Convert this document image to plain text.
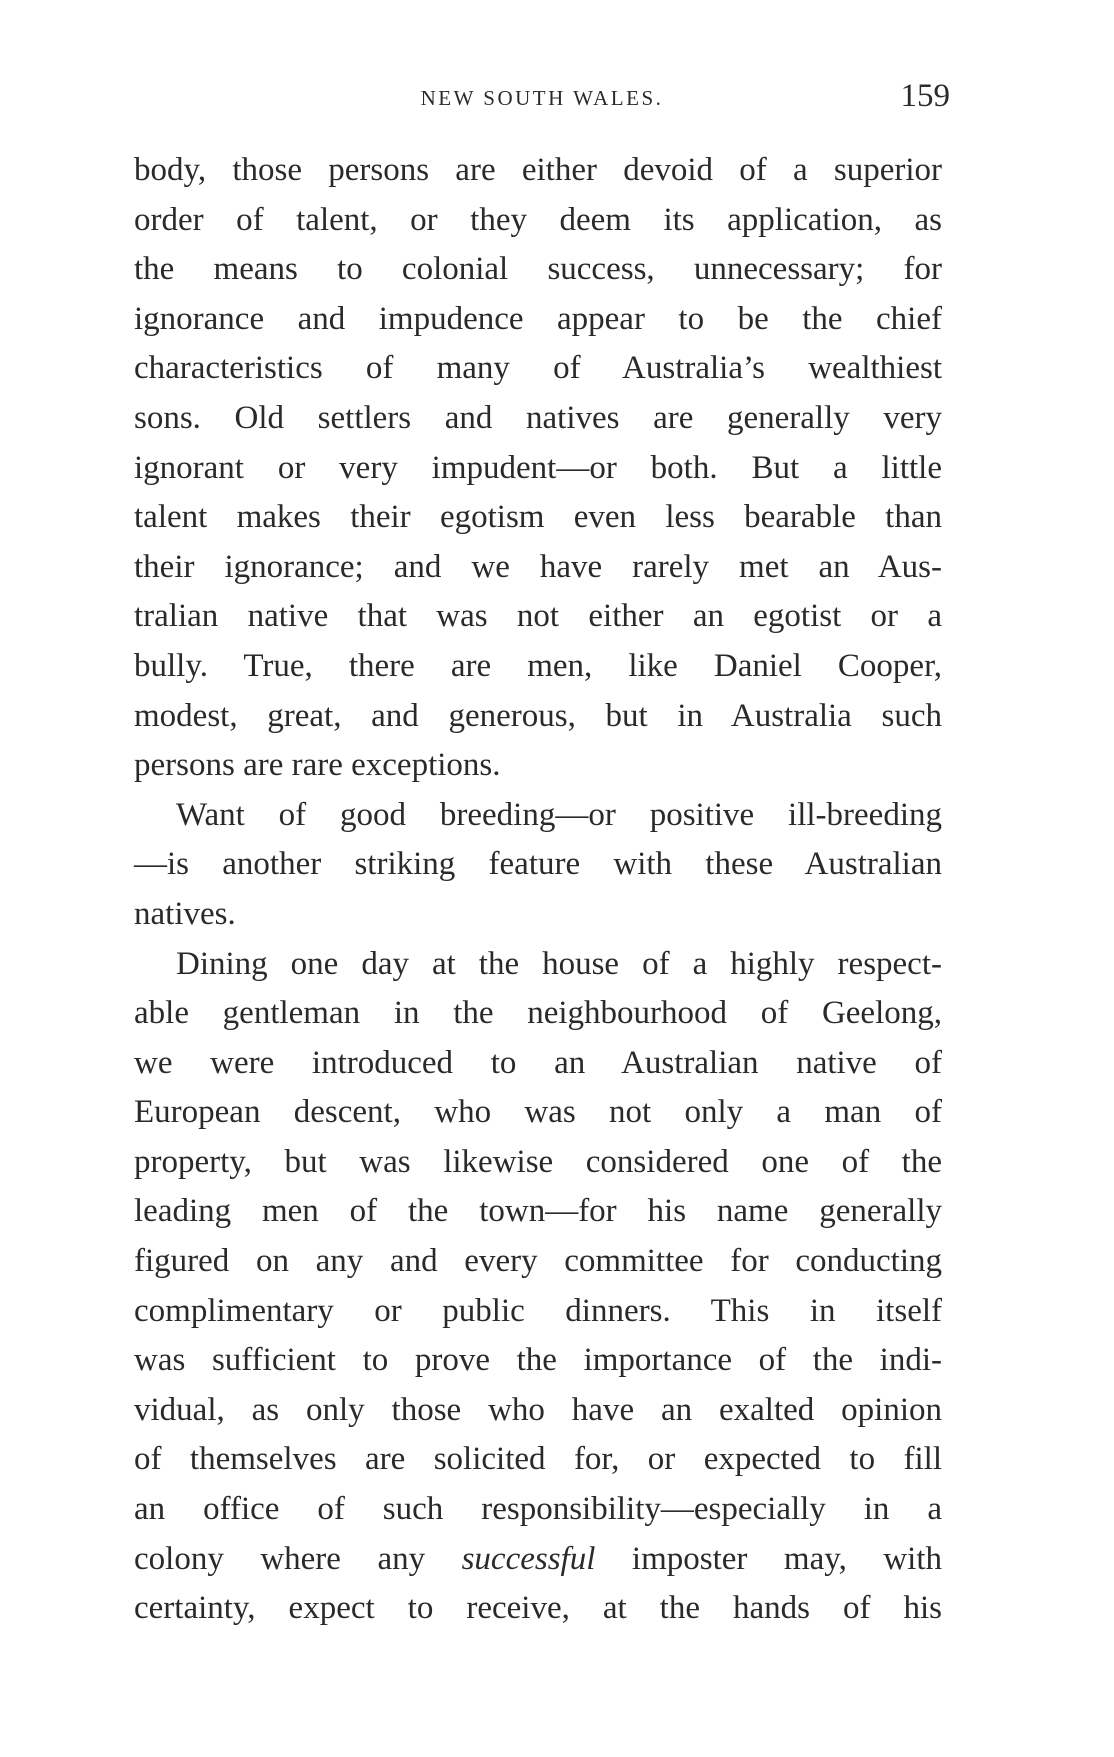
NEW SOUTH WALES.	159
body, those persons are either devoid of a superior
order of talent, or they deem its application, as
the means to colonial success, unnecessary; for
ignorance and impudence appear to be the chief
characteristics of many of Australia’s wealthiest
sons. Old settlers and natives are generally very
ignorant or very impudent—or both. But a little
talent makes their egotism even less bearable than
their ignorance; and we have rarely met an Aus-
tralian native that was not either an egotist or a
bully. True, there are men, like Daniel Cooper,
modest, great, and generous, but in Australia such
persons are rare exceptions.
Want of good breeding—or positive ill-breeding
—is another striking feature with these Australian
natives.
Dining one day at the house of a highly respect-
able gentleman in the neighbourhood of Geelong,
we were introduced to an Australian native of
European descent, who was not only a man of
property, but was likewise considered one of the
leading men of the town—for his name generally
figured on any and every committee for conducting
complimentary or public dinners. This in itself
was sufficient to prove the importance of the indi-
vidual, as only those who have an exalted opinion
of themselves are solicited for, or expected to fill
an office of such responsibility—especially in a
colony where any successful imposter may, with
certainty, expect to receive, at the hands of his
